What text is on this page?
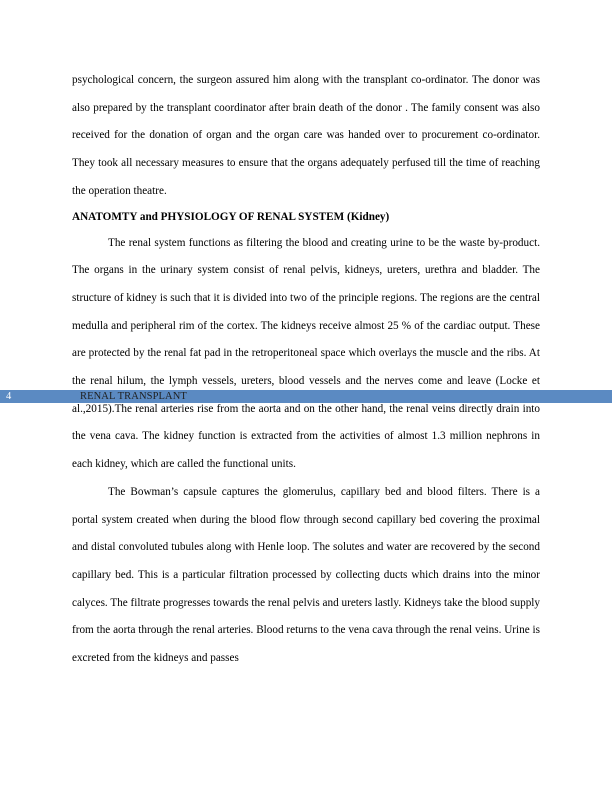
psychological concern, the surgeon assured him along with the transplant co-ordinator. The donor was also prepared by the transplant coordinator after brain death of the donor . The family consent was also received for the donation of organ and the organ care was handed over to procurement co-ordinator. They took all necessary measures to ensure that the organs adequately perfused till the time of reaching the operation theatre.

ANATOMTY and PHYSIOLOGY OF RENAL SYSTEM (Kidney)

The renal system functions as filtering the blood and creating urine to be the waste by-product. The organs in the urinary system consist of renal pelvis, kidneys, ureters, urethra and bladder. The structure of kidney is such that it is divided into two of the principle regions. The regions are the central medulla and peripheral rim of the cortex. The kidneys receive almost 25 % of the cardiac output. These are protected by the renal fat pad in the retroperitoneal space which overlays the muscle and the ribs. At the renal hilum, the lymph vessels, ureters, blood vessels and the nerves come and leave (Locke et al.,2015).The renal arteries rise from the aorta and on the other hand, the renal veins directly drain into the vena cava. The kidney function is extracted from the activities of almost 1.3 million nephrons in each kidney, which are called the functional units.

The Bowman’s capsule captures the glomerulus, capillary bed and blood filters. There is a portal system created when during the blood flow through second capillary bed covering the proximal and distal convoluted tubules along with Henle loop. The solutes and water are recovered by the second capillary bed. This is a particular filtration processed by collecting ducts which drains into the minor calyces. The filtrate progresses towards the renal pelvis and ureters lastly. Kidneys take the blood supply from the aorta through the renal arteries. Blood returns to the vena cava through the renal veins. Urine is excreted from the kidneys and passes

4	RENAL TRANSPLANT
